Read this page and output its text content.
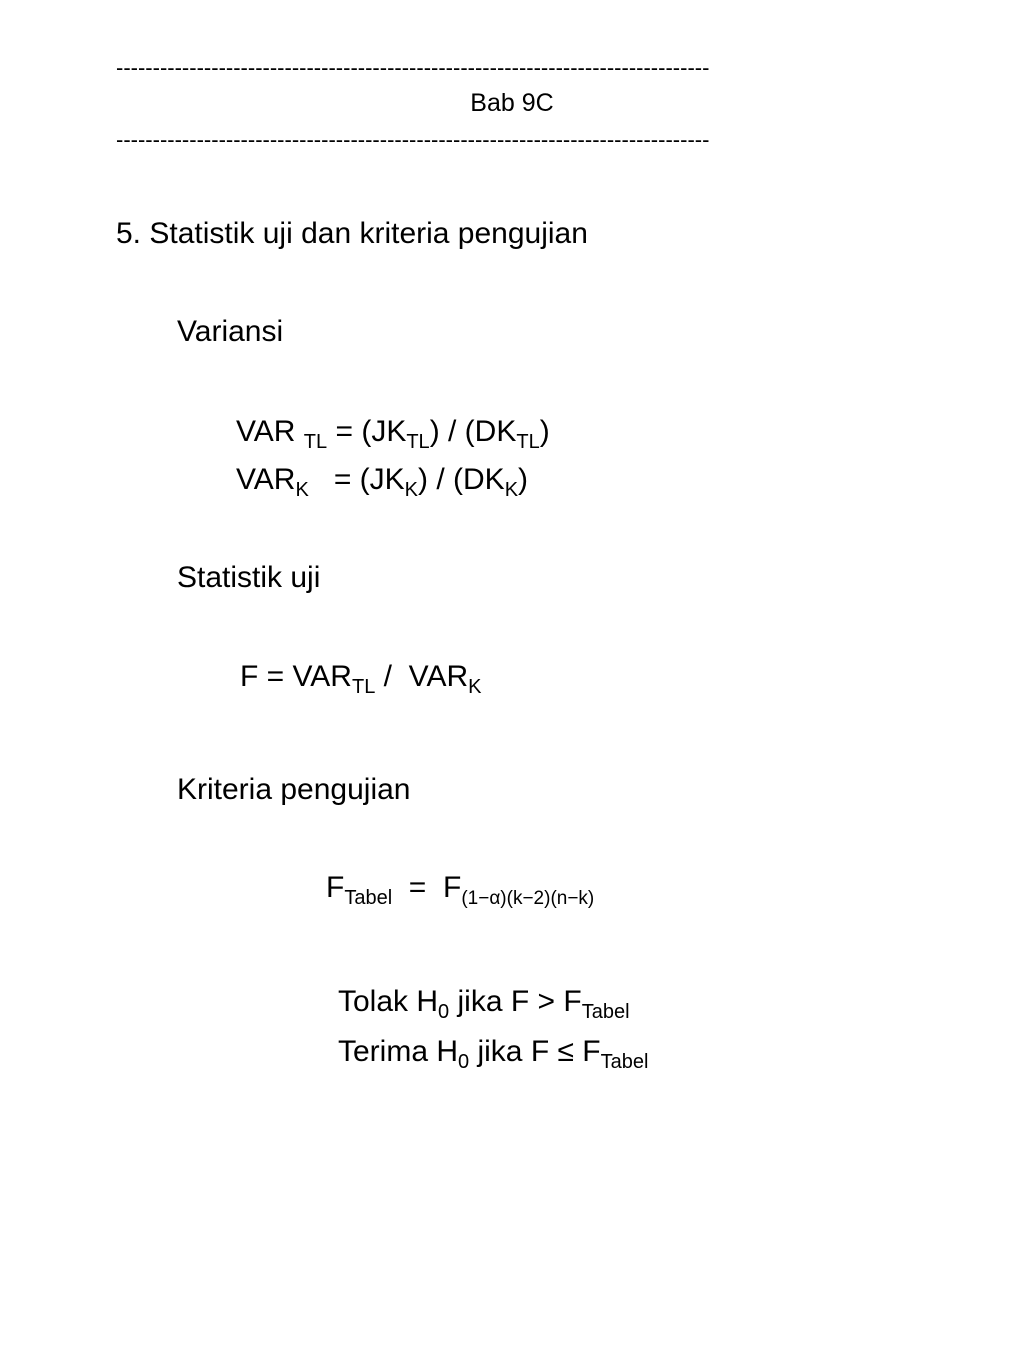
---------------------------------------------------------------------------------
Bab 9C
---------------------------------------------------------------------------------
5. Statistik uji dan kriteria pengujian
Variansi
VAR $_{TL} = (JK_{TL}) / (DK_{TL})$
$VAR_K = (JK_K) / (DK_K)$
Statistik uji
$F = VAR_{TL} / VAR_K$
Kriteria pengujian
$F_{Tabel} = F_{(1-\alpha)(k-2)(n-k)}$
Tolak $H_0$ jika $F > F_{Tabel}$
Terima $H_0$ jika $F \le F_{Tabel}$
